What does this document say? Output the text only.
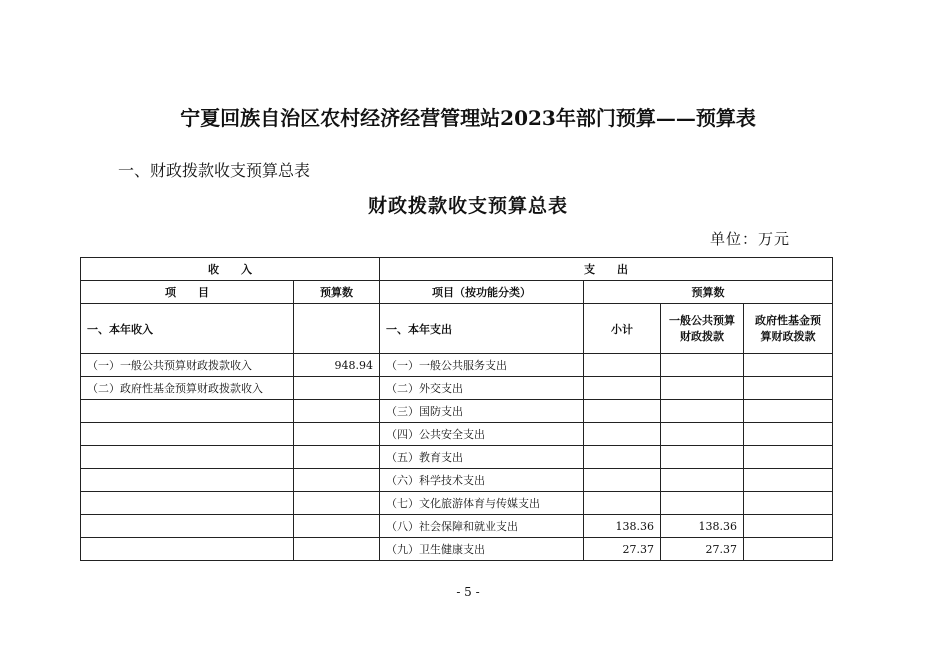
宁夏回族自治区农村经济经营管理站2023年部门预算——预算表
一、财政拨款收支预算总表
财政拨款收支预算总表
单位：万元
收　　入		支　　出			
项　　目	预算数	项目（按功能分类）	预算数		
一、本年收入		一、本年支出	小计	一般公共预算财政拨款	政府性基金预算财政拨款
（一）一般公共预算财政拨款收入	948.94	（一）一般公共服务支出			
（二）政府性基金预算财政拨款收入		（二）外交支出			
		（三）国防支出			
		（四）公共安全支出			
		（五）教育支出			
		（六）科学技术支出			
		（七）文化旅游体育与传媒支出			
		（八）社会保障和就业支出	138.36	138.36	
		（九）卫生健康支出	27.37	27.37	
- 5 -
